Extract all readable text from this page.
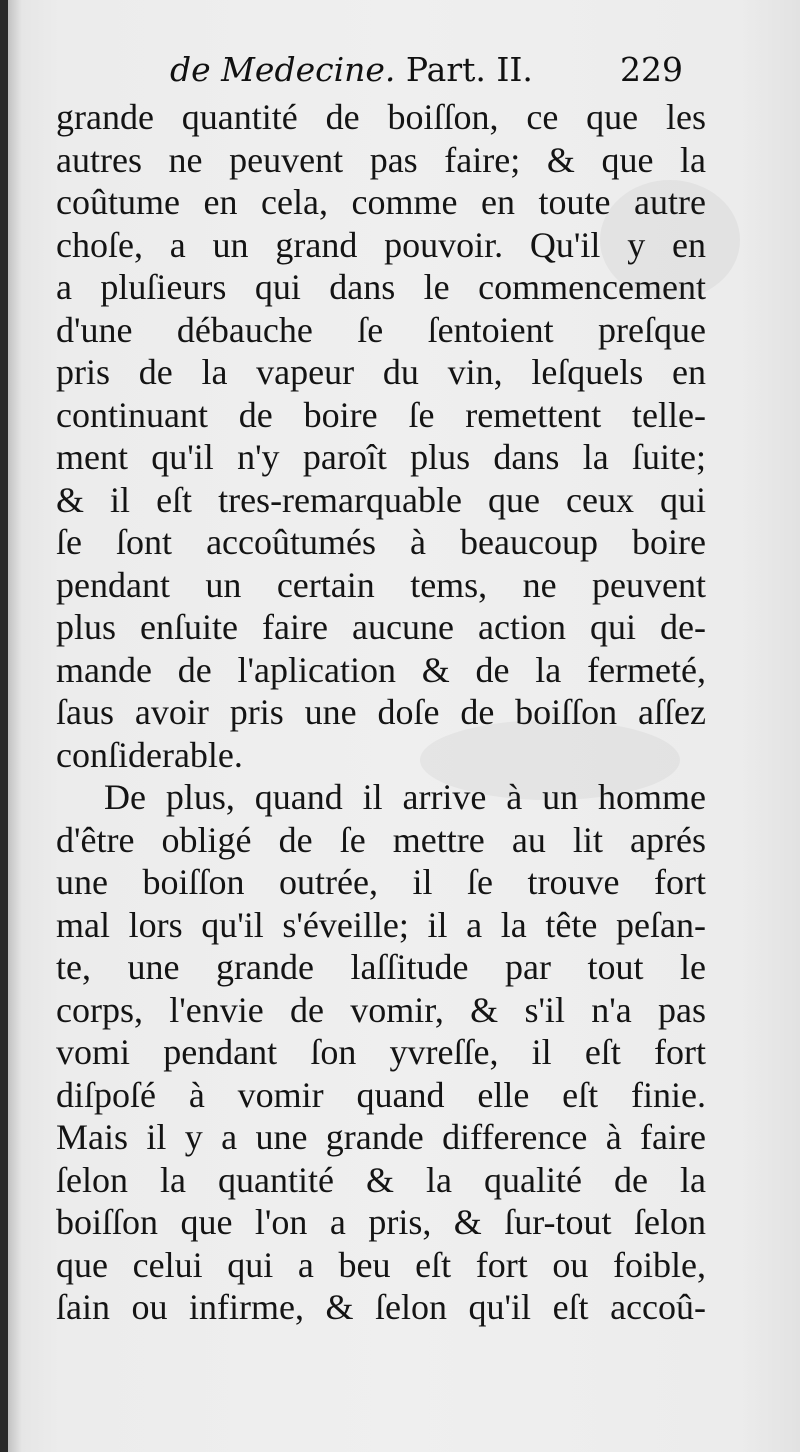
de Medecine. Part. II.	229
grande quantité de boiſſon, ce que les
autres ne peuvent pas faire; & que la
coûtume en cela, comme en toute autre
choſe, a un grand pouvoir. Qu'il y en
a pluſieurs qui dans le commencement
d'une débauche ſe ſentoient preſque
pris de la vapeur du vin, leſquels en
continuant de boire ſe remettent telle-
ment qu'il n'y paroît plus dans la ſuite;
& il eſt tres-remarquable que ceux qui
ſe ſont accoûtumés à beaucoup boire
pendant un certain tems, ne peuvent
plus enſuite faire aucune action qui de-
mande de l'aplication & de la fermeté,
ſaus avoir pris une doſe de boiſſon aſſez
conſiderable.
De plus, quand il arrive à un homme
d'être obligé de ſe mettre au lit aprés
une boiſſon outrée, il ſe trouve fort
mal lors qu'il s'éveille; il a la tête peſan-
te, une grande laſſitude par tout le
corps, l'envie de vomir, & s'il n'a pas
vomi pendant ſon yvreſſe, il eſt fort
diſpoſé à vomir quand elle eſt finie.
Mais il y a une grande difference à faire
ſelon la quantité & la qualité de la
boiſſon que l'on a pris, & ſur-tout ſelon
que celui qui a beu eſt fort ou foible,
ſain ou infirme, & ſelon qu'il eſt accoû-
